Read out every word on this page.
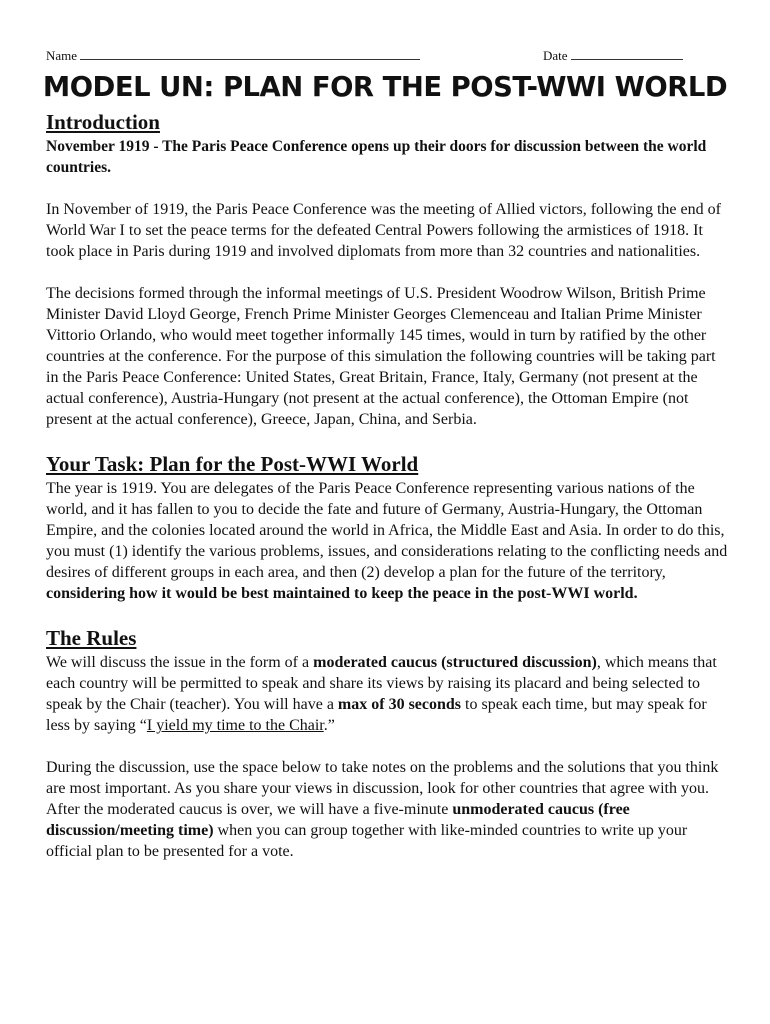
Name	Date
MODEL UN: PLAN FOR THE POST-WWI WORLD
Introduction

November 1919 - The Paris Peace Conference opens up their doors for discussion between the world countries.

In November of 1919, the Paris Peace Conference was the meeting of Allied victors, following the end of World War I to set the peace terms for the defeated Central Powers following the armistices of 1918. It took place in Paris during 1919 and involved diplomats from more than 32 countries and nationalities.

The decisions formed through the informal meetings of U.S. President Woodrow Wilson, British Prime Minister David Lloyd George, French Prime Minister Georges Clemenceau and Italian Prime Minister Vittorio Orlando, who would meet together informally 145 times, would in turn by ratified by the other countries at the conference. For the purpose of this simulation the following countries will be taking part in the Paris Peace Conference: United States, Great Britain, France, Italy, Germany (not present at the actual conference), Austria-Hungary (not present at the actual conference), the Ottoman Empire (not present at the actual conference), Greece, Japan, China, and Serbia.

Your Task: Plan for the Post-WWI World

The year is 1919. You are delegates of the Paris Peace Conference representing various nations of the world, and it has fallen to you to decide the fate and future of Germany, Austria-Hungary, the Ottoman Empire, and the colonies located around the world in Africa, the Middle East and Asia. In order to do this, you must (1) identify the various problems, issues, and considerations relating to the conflicting needs and desires of different groups in each area, and then (2) develop a plan for the future of the territory, considering how it would be best maintained to keep the peace in the post-WWI world.

The Rules

We will discuss the issue in the form of a moderated caucus (structured discussion), which means that each country will be permitted to speak and share its views by raising its placard and being selected to speak by the Chair (teacher). You will have a max of 30 seconds to speak each time, but may speak for less by saying “I yield my time to the Chair.”

During the discussion, use the space below to take notes on the problems and the solutions that you think are most important. As you share your views in discussion, look for other countries that agree with you. After the moderated caucus is over, we will have a five-minute unmoderated caucus (free discussion/meeting time) when you can group together with like-minded countries to write up your official plan to be presented for a vote.
